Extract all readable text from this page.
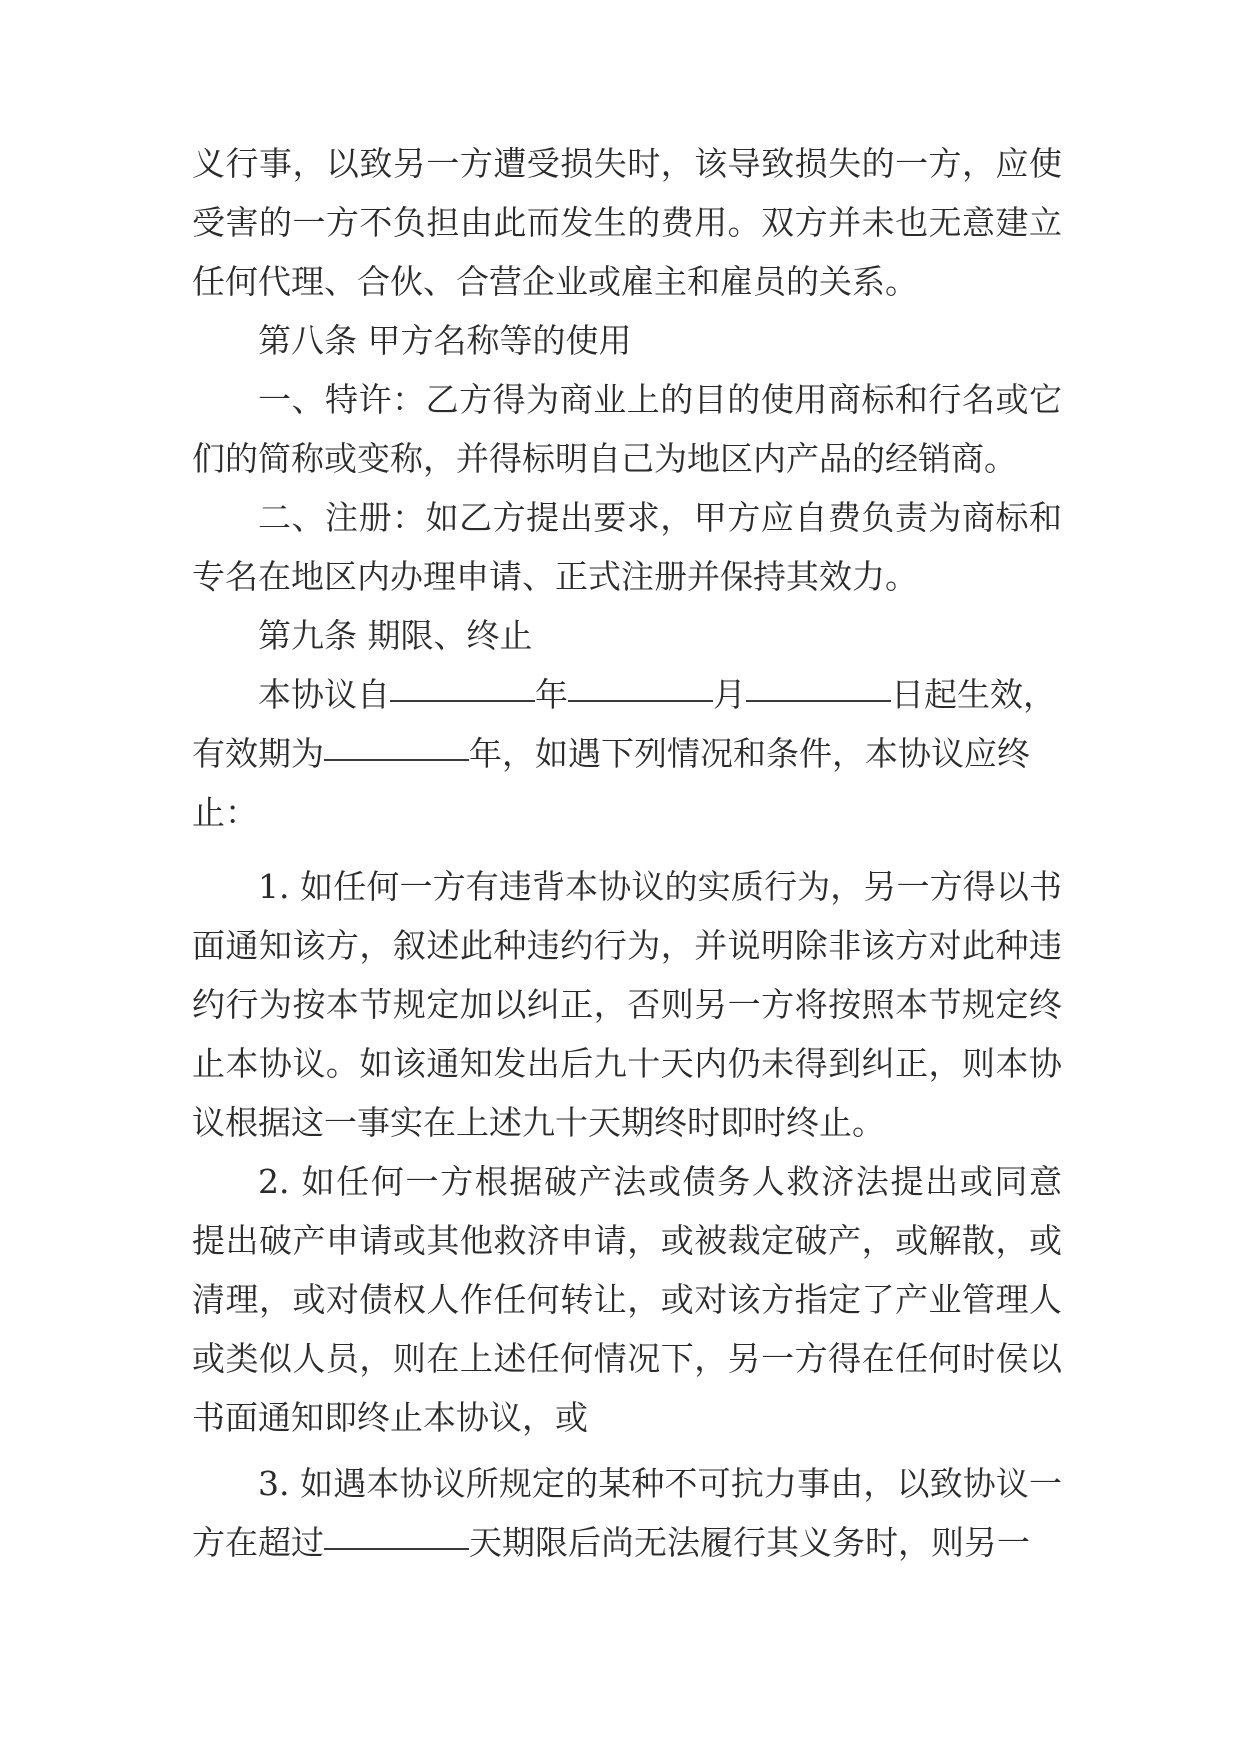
义行事，以致另一方遭受损失时，该导致损失的一方，应使
受害的一方不负担由此而发生的费用。双方并未也无意建立
任何代理、合伙、合营企业或雇主和雇员的关系。
第八条 甲方名称等的使用
一、特许：乙方得为商业上的目的使用商标和行名或它
们的简称或变称，并得标明自己为地区内产品的经销商。
二、注册：如乙方提出要求，甲方应自费负责为商标和
专名在地区内办理申请、正式注册并保持其效力。
第九条 期限、终止
本协议自	年	月	日起生效，
有效期为	年，如遇下列情况和条件，本协议应终
止：
1. 如任何一方有违背本协议的实质行为，另一方得以书
面通知该方，叙述此种违约行为，并说明除非该方对此种违
约行为按本节规定加以纠正，否则另一方将按照本节规定终
止本协议。如该通知发出后九十天内仍未得到纠正，则本协
议根据这一事实在上述九十天期终时即时终止。
2. 如任何一方根据破产法或债务人救济法提出或同意
提出破产申请或其他救济申请，或被裁定破产，或解散，或
清理，或对债权人作任何转让，或对该方指定了产业管理人
或类似人员，则在上述任何情况下，另一方得在任何时侯以
书面通知即终止本协议，或
3. 如遇本协议所规定的某种不可抗力事由，以致协议一
方在超过	天期限后尚无法履行其义务时，则另一
